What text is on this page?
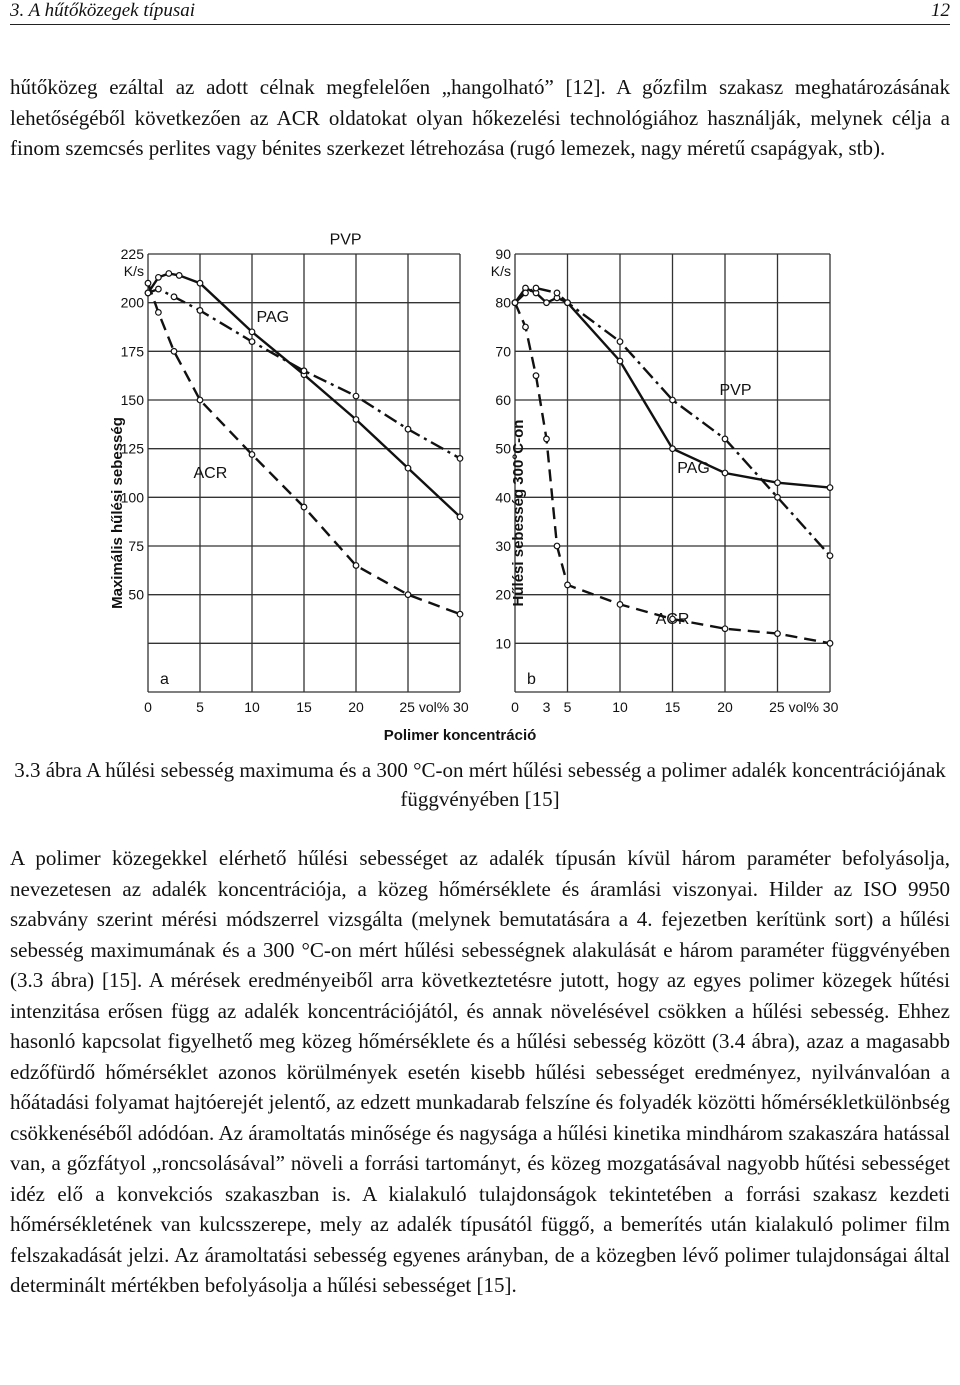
3. A hűtőközegek típusai	12
hűtőközeg ezáltal az adott célnak megfelelően „hangolható” [12]. A gőzfilm szakasz meghatározásának lehetőségéből következően az ACR oldatokat olyan hőkezelési technológiához használják, melynek célja a finom szemcsés perlites vagy bénites szerkezet létrehozása (rugó lemezek, nagy méretű csapágyak, stb).
0	5	10	15	20	25 vol% 30
50
75
100
125
150
175
200
225
K/s
Maximális hűlési sebesség
a
PAG
PVP
ACR
0 3 5	10	15	20	25 vol% 30
10
20
30
40
50
60
70
80
90
K/s
Hűlési sebesség 300°C-on
b
PAG
PVP
ACR
Polimer koncentráció
3.3 ábra A hűlési sebesség maximuma és a 300 °C-on mért hűlési sebesség a polimer adalék koncentrációjának függvényében [15]
A polimer közegekkel elérhető hűlési sebességet az adalék típusán kívül három paraméter befolyásolja, nevezetesen az adalék koncentrációja, a közeg hőmérséklete és áramlási viszonyai. Hilder az ISO 9950 szabvány szerint mérési módszerrel vizsgálta (melynek bemutatására a 4. fejezetben kerítünk sort) a hűlési sebesség maximumának és a 300 °C-on mért hűlési sebességnek alakulását e három paraméter függvényében (3.3 ábra) [15]. A mérések eredményeiből arra következtetésre jutott, hogy az egyes polimer közegek hűtési intenzitása erősen függ az adalék koncentrációjától, és annak növelésével csökken a hűlési sebesség. Ehhez hasonló kapcsolat figyelhető meg közeg hőmérséklete és a hűlési sebesség között (3.4 ábra), azaz a magasabb edzőfürdő hőmérséklet azonos körülmények esetén kisebb hűlési sebességet eredményez, nyilvánvalóan a hőátadási folyamat hajtóerejét jelentő, az edzett munkadarab felszíne és folyadék közötti hőmérsékletkülönbség csökkenéséből adódóan. Az áramoltatás minősége és nagysága a hűlési kinetika mindhárom szakaszára hatással van, a gőzfátyol „roncsolásával” növeli a forrási tartományt, és közeg mozgatásával nagyobb hűtési sebességet idéz elő a konvekciós szakaszban is. A kialakuló tulajdonságok tekintetében a forrási szakasz kezdeti hőmérsékletének van kulcsszerepe, mely az adalék típusától függő, a bemerítés után kialakuló polimer film felszakadását jelzi. Az áramoltatási sebesség egyenes arányban, de a közegben lévő polimer tulajdonságai által determinált mértékben befolyásolja a hűlési sebességet [15].
